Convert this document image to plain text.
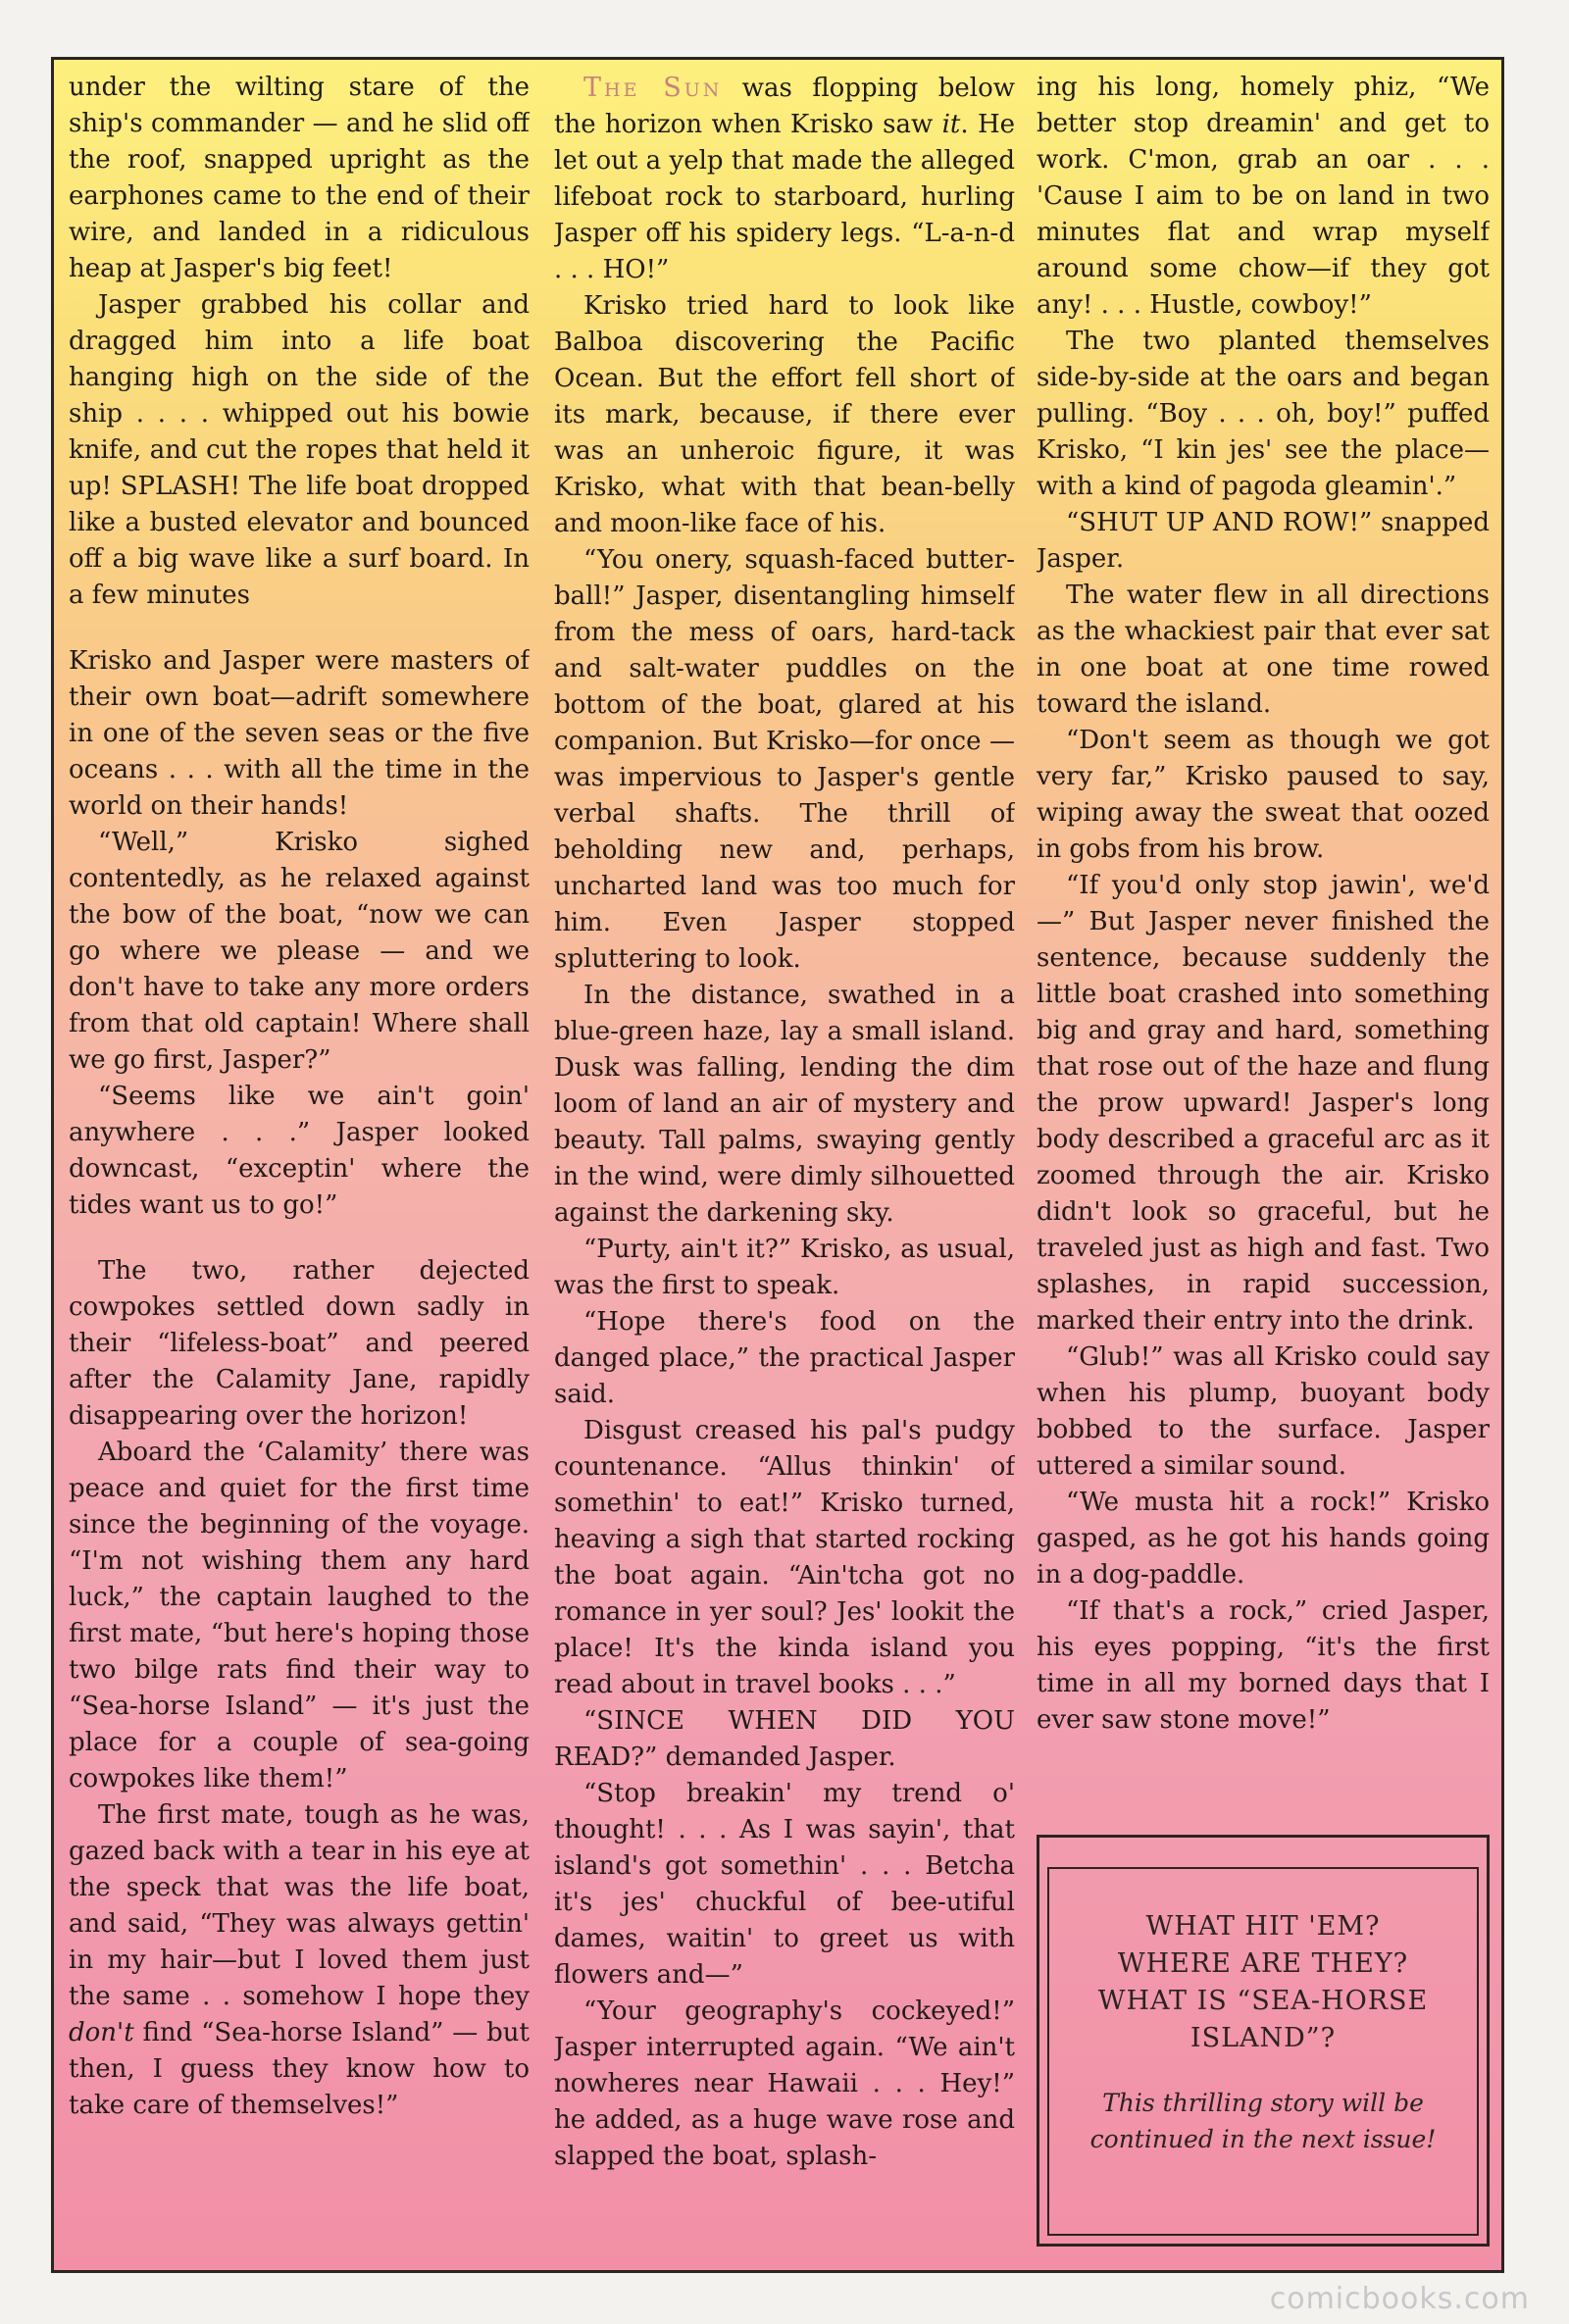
under the wilting stare of the ship's commander — and he slid off the roof, snapped upright as the earphones came to the end of their wire, and landed in a ridiculous heap at Jasper's big feet!

Jasper grabbed his collar and dragged him into a life boat hanging high on the side of the ship . . . . whipped out his bowie knife, and cut the ropes that held it up! SPLASH! The life boat dropped like a busted elevator and bounced off a big wave like a surf board. In a few minutes

Krisko and Jasper were masters of their own boat—adrift somewhere in one of the seven seas or the five oceans . . . with all the time in the world on their hands!

“Well,” Krisko sighed contentedly, as he relaxed against the bow of the boat, “now we can go where we please — and we don't have to take any more orders from that old captain! Where shall we go first, Jasper?”

“Seems like we ain't goin' anywhere . . .” Jasper looked downcast, “exceptin' where the tides want us to go!”

The two, rather dejected cowpokes settled down sadly in their “lifeless-boat” and peered after the Calamity Jane, rapidly disappearing over the horizon!

Aboard the ‘Calamity’ there was peace and quiet for the first time since the beginning of the voyage. “I'm not wishing them any hard luck,” the captain laughed to the first mate, “but here's hoping those two bilge rats find their way to “Sea-horse Island” — it's just the place for a couple of sea-going cowpokes like them!”

The first mate, tough as he was, gazed back with a tear in his eye at the speck that was the life boat, and said, “They was always gettin' in my hair—but I loved them just the same . . somehow I hope they don't find “Sea-horse Island” — but then, I guess they know how to take care of themselves!”

The Sun was flopping below the horizon when Krisko saw it. He let out a yelp that made the alleged lifeboat rock to starboard, hurling Jasper off his spidery legs. “L-a-n-d . . . HO!”

Krisko tried hard to look like Balboa discovering the Pacific Ocean. But the effort fell short of its mark, because, if there ever was an unheroic figure, it was Krisko, what with that bean-belly and moon-like face of his.

“You onery, squash-faced butter-ball!” Jasper, disentangling himself from the mess of oars, hard-tack and salt-water puddles on the bottom of the boat, glared at his companion. But Krisko—for once — was impervious to Jasper's gentle verbal shafts. The thrill of beholding new and, perhaps, uncharted land was too much for him. Even Jasper stopped spluttering to look.

In the distance, swathed in a blue-green haze, lay a small island. Dusk was falling, lending the dim loom of land an air of mystery and beauty. Tall palms, swaying gently in the wind, were dimly silhouetted against the darkening sky.

“Purty, ain't it?” Krisko, as usual, was the first to speak.

“Hope there's food on the danged place,” the practical Jasper said.

Disgust creased his pal's pudgy countenance. “Allus thinkin' of somethin' to eat!” Krisko turned, heaving a sigh that started rocking the boat again. “Ain'tcha got no romance in yer soul? Jes' lookit the place! It's the kinda island you read about in travel books . . .”

“SINCE WHEN DID YOU READ?” demanded Jasper.

“Stop breakin' my trend o' thought! . . . As I was sayin', that island's got somethin' . . . Betcha it's jes' chuckful of bee-utiful dames, waitin' to greet us with flowers and—”

“Your geography's cockeyed!” Jasper interrupted again. “We ain't nowheres near Hawaii . . . Hey!” he added, as a huge wave rose and slapped the boat, splash-

ing his long, homely phiz, “We better stop dreamin' and get to work. C'mon, grab an oar . . . 'Cause I aim to be on land in two minutes flat and wrap myself around some chow—if they got any! . . . Hustle, cowboy!”

The two planted themselves side-by-side at the oars and began pulling. “Boy . . . oh, boy!” puffed Krisko, “I kin jes' see the place—with a kind of pagoda gleamin'.”

“SHUT UP AND ROW!” snapped Jasper.

The water flew in all directions as the whackiest pair that ever sat in one boat at one time rowed toward the island.

“Don't seem as though we got very far,” Krisko paused to say, wiping away the sweat that oozed in gobs from his brow.

“If you'd only stop jawin', we'd—” But Jasper never finished the sentence, because suddenly the little boat crashed into something big and gray and hard, something that rose out of the haze and flung the prow upward! Jasper's long body described a graceful arc as it zoomed through the air. Krisko didn't look so graceful, but he traveled just as high and fast. Two splashes, in rapid succession, marked their entry into the drink.

“Glub!” was all Krisko could say when his plump, buoyant body bobbed to the surface. Jasper uttered a similar sound.

“We musta hit a rock!” Krisko gasped, as he got his hands going in a dog-paddle.

“If that's a rock,” cried Jasper, his eyes popping, “it's the first time in all my borned days that I ever saw stone move!”

WHAT HIT 'EM?
WHERE ARE THEY?
WHAT IS “SEA-HORSE ISLAND”?
This thrilling story will be continued in the next issue!
comicbooks.com
